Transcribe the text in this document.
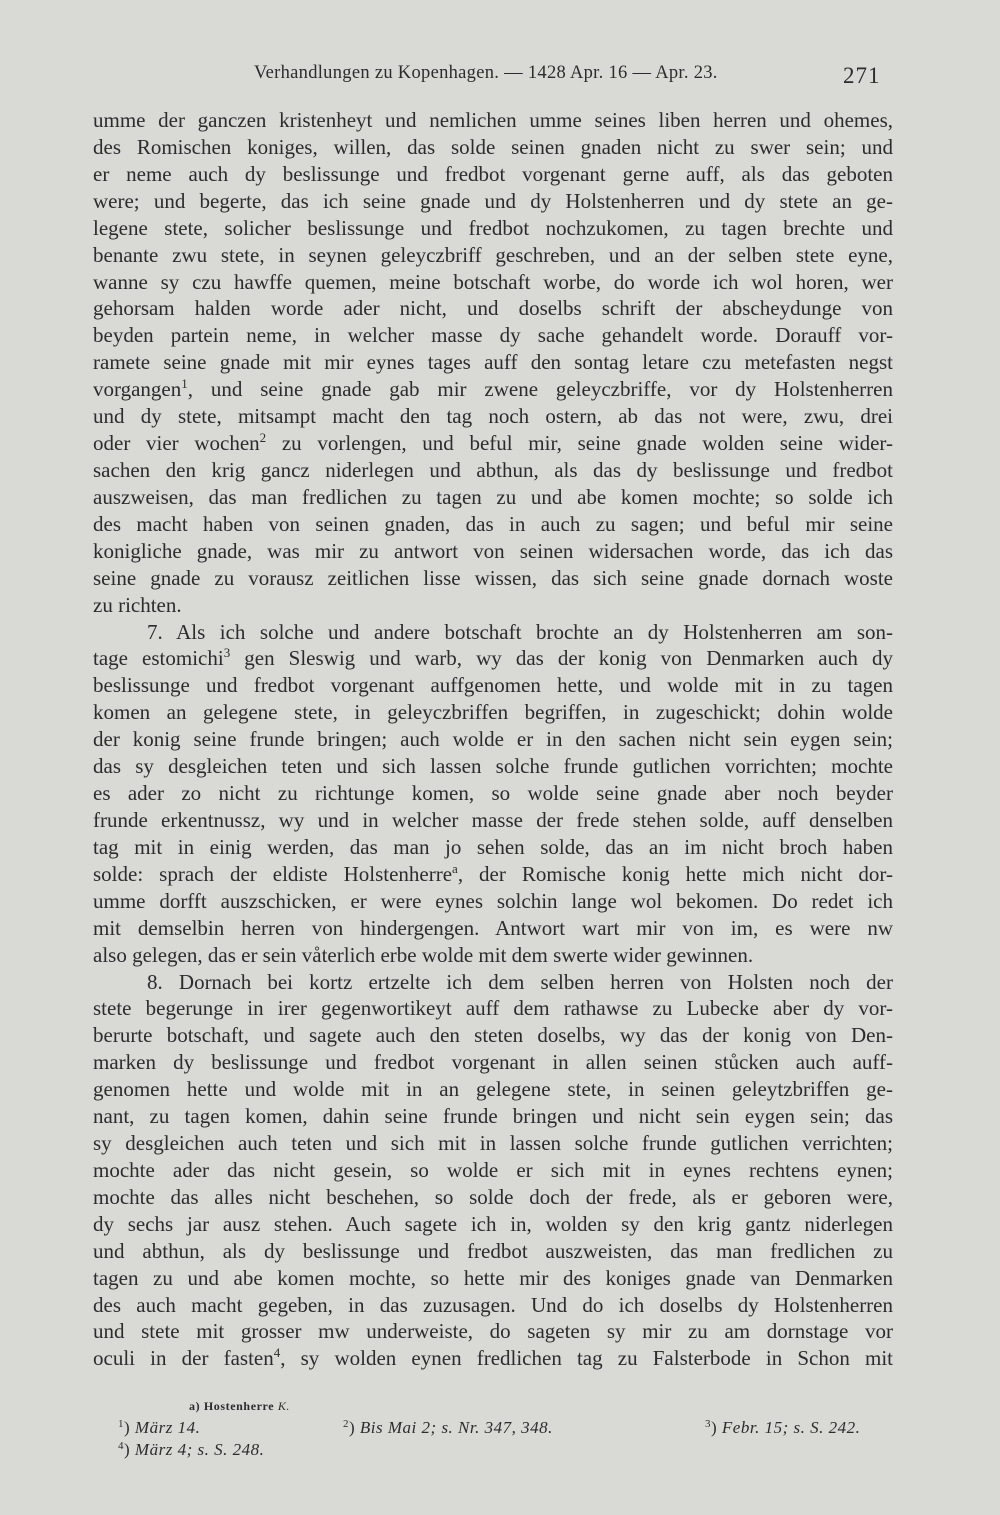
Verhandlungen zu Kopenhagen. — 1428 Apr. 16 — Apr. 23.	271
umme der ganczen kristenheyt und nemlichen umme seines liben herren und ohemes,
des Romischen koniges, willen, das solde seinen gnaden nicht zu swer sein; und
er neme auch dy beslissunge und fredbot vorgenant gerne auff, als das geboten
were; und begerte, das ich seine gnade und dy Holstenherren und dy stete an ge-
legene stete, solicher beslissunge und fredbot nochzukomen, zu tagen brechte und
benante zwu stete, in seynen geleyczbriff geschreben, und an der selben stete eyne,
wanne sy czu hawffe quemen, meine botschaft worbe, do worde ich wol horen, wer
gehorsam halden worde ader nicht, und doselbs schrift der abscheydunge von
beyden partein neme, in welcher masse dy sache gehandelt worde. Dorauff vor-
ramete seine gnade mit mir eynes tages auff den sontag letare czu metefasten negst
vorgangen$^1$, und seine gnade gab mir zwene geleyczbriffe, vor dy Holstenherren
und dy stete, mitsampt macht den tag noch ostern, ab das not were, zwu, drei
oder vier wochen$^2$ zu vorlengen, und beful mir, seine gnade wolden seine wider-
sachen den krig gancz niderlegen und abthun, als das dy beslissunge und fredbot
auszweisen, das man fredlichen zu tagen zu und abe komen mochte; so solde ich
des macht haben von seinen gnaden, das in auch zu sagen; und beful mir seine
konigliche gnade, was mir zu antwort von seinen widersachen worde, das ich das
seine gnade zu vorausz zeitlichen lisse wissen, das sich seine gnade dornach woste
zu richten.
7. Als ich solche und andere botschaft brochte an dy Holstenherren am son-
tage estomichi$^3$ gen Sleswig und warb, wy das der konig von Denmarken auch dy
beslissunge und fredbot vorgenant auffgenomen hette, und wolde mit in zu tagen
komen an gelegene stete, in geleyczbriffen begriffen, in zugeschickt; dohin wolde
der konig seine frunde bringen; auch wolde er in den sachen nicht sein eygen sein;
das sy desgleichen teten und sich lassen solche frunde gutlichen vorrichten; mochte
es ader zo nicht zu richtunge komen, so wolde seine gnade aber noch beyder
frunde erkentnussz, wy und in welcher masse der frede stehen solde, auff denselben
tag mit in einig werden, das man jo sehen solde, das an im nicht broch haben
solde: sprach der eldiste Holstenherre$^a$, der Romische konig hette mich nicht dor-
umme dorfft auszschicken, er were eynes solchin lange wol bekomen. Do redet ich
mit demselbin herren von hindergengen. Antwort wart mir von im, es were nw
also gelegen, das er sein våterlich erbe wolde mit dem swerte wider gewinnen.
8. Dornach bei kortz ertzelte ich dem selben herren von Holsten noch der
stete begerunge in irer gegenwortikeyt auff dem rathawse zu Lubecke aber dy vor-
berurte botschaft, und sagete auch den steten doselbs, wy das der konig von Den-
marken dy beslissunge und fredbot vorgenant in allen seinen stůcken auch auff-
genomen hette und wolde mit in an gelegene stete, in seinen geleytzbriffen ge-
nant, zu tagen komen, dahin seine frunde bringen und nicht sein eygen sein; das
sy desgleichen auch teten und sich mit in lassen solche frunde gutlichen verrichten;
mochte ader das nicht gesein, so wolde er sich mit in eynes rechtens eynen;
mochte das alles nicht beschehen, so solde doch der frede, als er geboren were,
dy sechs jar ausz stehen. Auch sagete ich in, wolden sy den krig gantz niderlegen
und abthun, als dy beslissunge und fredbot auszweisten, das man fredlichen zu
tagen zu und abe komen mochte, so hette mir des koniges gnade van Denmarken
des auch macht gegeben, in das zuzusagen. Und do ich doselbs dy Holstenherren
und stete mit grosser mw underweiste, do sageten sy mir zu am dornstage vor
oculi in der fasten$^4$, sy wolden eynen fredlichen tag zu Falsterbode in Schon mit
a) Hostenherre K.
$^1$) März 14.	$^2$) Bis Mai 2; s. Nr. 347, 348.	$^3$) Febr. 15; s. S. 242.
$^4$) März 4; s. S. 248.
